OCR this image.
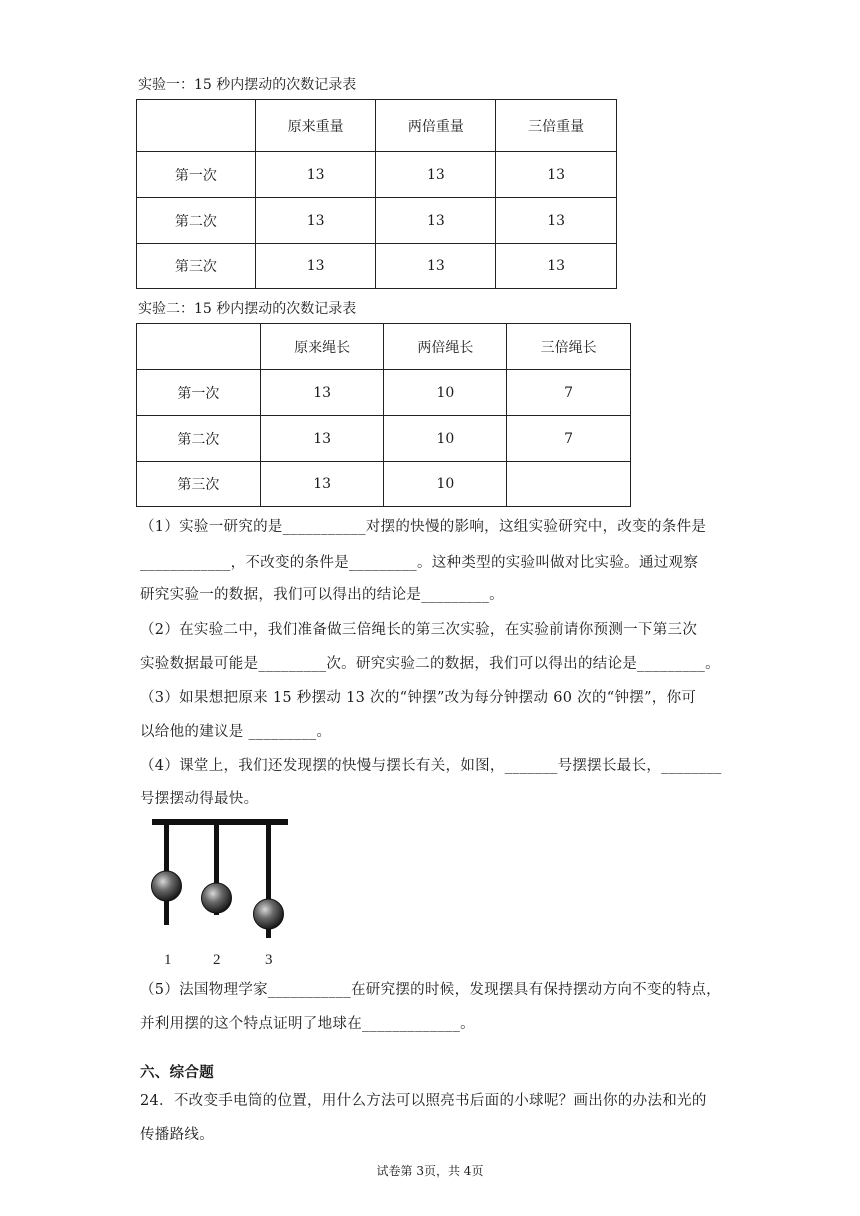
实验一：15 秒内摆动的次数记录表
	原来重量	两倍重量	三倍重量
第一次	13	13	13
第二次	13	13	13
第三次	13	13	13
实验二：15 秒内摆动的次数记录表
	原来绳长	两倍绳长	三倍绳长
第一次	13	10	7
第二次	13	10	7
第三次	13	10	
（1）实验一研究的是___________对摆的快慢的影响，这组实验研究中，改变的条件是
____________，不改变的条件是_________。这种类型的实验叫做对比实验。通过观察
研究实验一的数据，我们可以得出的结论是_________。
（2）在实验二中，我们准备做三倍绳长的第三次实验，在实验前请你预测一下第三次
实验数据最可能是_________次。研究实验二的数据，我们可以得出的结论是_________。
（3）如果想把原来 15 秒摆动 13 次的“钟摆”改为每分钟摆动 60 次的“钟摆”，你可
以给他的建议是 _________。
（4）课堂上，我们还发现摆的快慢与摆长有关，如图，_______号摆摆长最长，________
号摆摆动得最快。
1	2	3
（5）法国物理学家___________在研究摆的时候，发现摆具有保持摆动方向不变的特点，
并利用摆的这个特点证明了地球在_____________。
六、综合题
24．不改变手电筒的位置，用什么方法可以照亮书后面的小球呢？画出你的办法和光的
传播路线。
试卷第 3页，共 4页
